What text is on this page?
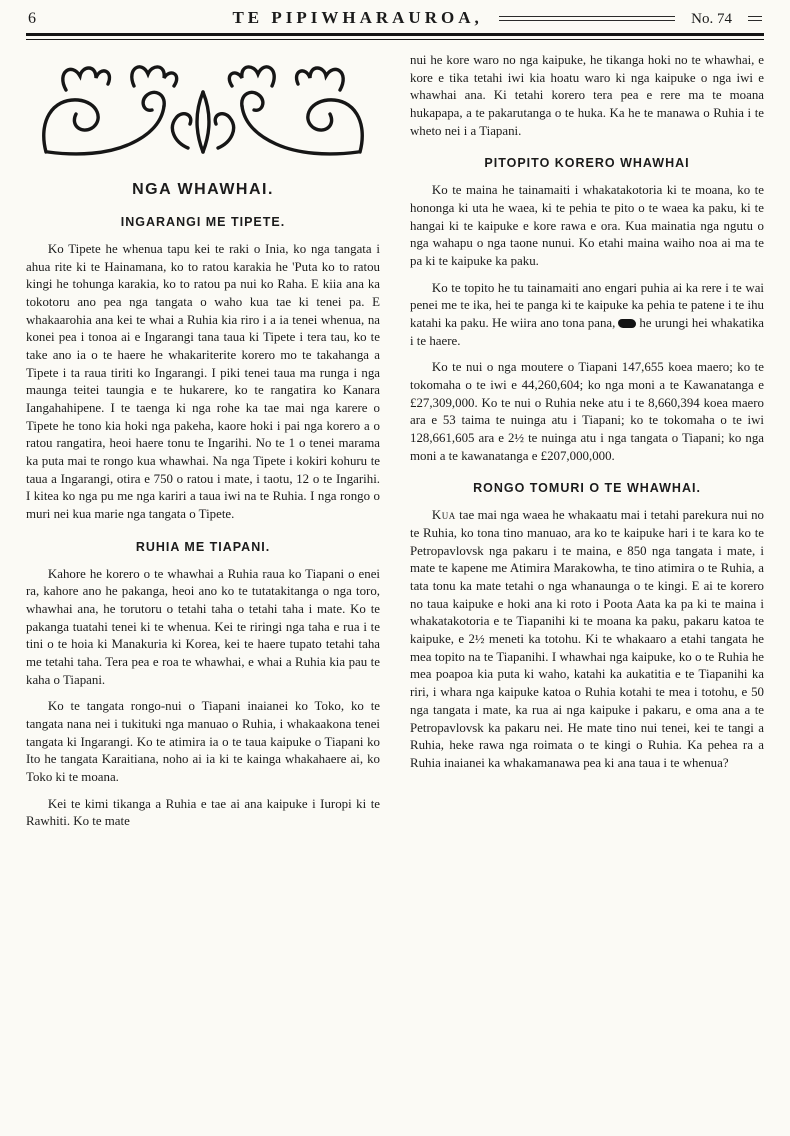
6	TE PIPIWHARAUROA,	No. 74
NGA WHAWHAI.
INGARANGI ME TIPETE.

Ko Tipete he whenua tapu kei te raki o Inia, ko nga tangata i ahua rite ki te Hainamana, ko to ratou karakia he 'Puta ko to ratou kingi he tohunga karakia, ko to ratou pa nui ko Raha. E kiia ana ka tokotoru ano pea nga tangata o waho kua tae ki tenei pa. E whakaarohia ana kei te whai a Ruhia kia riro i a ia tenei whenua, na konei pea i tonoa ai e Ingarangi tana taua ki Tipete i tera tau, ko te take ano ia o te haere he whakariterite korero mo te takahanga a Tipete i ta raua tiriti ko Ingarangi. I piki tenei taua ma runga i nga maunga teitei taungia e te hukarere, ko te rangatira ko Kanara Iangahahipene. I te taenga ki nga rohe ka tae mai nga karere o Tipete he tono kia hoki nga pakeha, kaore hoki i pai nga korero a o ratou rangatira, heoi haere tonu te Ingarihi. No te 1 o tenei marama ka puta mai te rongo kua whawhai. Na nga Tipete i kokiri kohuru te taua a Ingarangi, otira e 750 o ratou i mate, i taotu, 12 o te Ingarihi. I kitea ko nga pu me nga kariri a taua iwi na te Ruhia. I nga rongo o muri nei kua marie nga tangata o Tipete.

RUHIA ME TIAPANI.

Kahore he korero o te whawhai a Ruhia raua ko Tiapani o enei ra, kahore ano he pakanga, heoi ano ko te tutatakitanga o nga toro, whawhai ana, he torutoru o tetahi taha o tetahi taha i mate. Ko te pakanga tuatahi tenei ki te whenua. Kei te riringi nga taha e rua i te tini o te hoia ki Manakuria ki Korea, kei te haere tupato tetahi taha me tetahi taha. Tera pea e roa te whawhai, e whai a Ruhia kia pau te kaha o Tiapani.

Ko te tangata rongo-nui o Tiapani inaianei ko Toko, ko te tangata nana nei i tukituki nga manuao o Ruhia, i whakaakona tenei tangata ki Ingarangi. Ko te atimira ia o te taua kaipuke o Tiapani ko Ito he tangata Karaitiana, noho ai ia ki te kainga whakahaere ai, ko Toko ki te moana.

Kei te kimi tikanga a Ruhia e tae ai ana kaipuke i Iuropi ki te Rawhiti. Ko te mate

nui he kore waro no nga kaipuke, he tikanga hoki no te whawhai, e kore e tika tetahi iwi kia hoatu waro ki nga kaipuke o nga iwi e whawhai ana. Ki tetahi korero tera pea e rere ma te moana hukapapa, a te pakarutanga o te huka. Ka he te manawa o Ruhia i te wheto nei i a Tiapani.

PITOPITO KORERO WHAWHAI

Ko te maina he tainamaiti i whakatakotoria ki te moana, ko te hononga ki uta he waea, ki te pehia te pito o te waea ka paku, ki te hangai ki te kaipuke e kore rawa e ora. Kua mainatia nga ngutu o nga wahapu o nga taone nunui. Ko etahi maina waiho noa ai ma te pa ki te kaipuke ka paku.

Ko te topito he tu tainamaiti ano engari puhia ai ka rere i te wai penei me te ika, hei te panga ki te kaipuke ka pehia te patene i te ihu katahi ka paku. He wiira ano tona pana, he urungi hei whakatika i te haere.

Ko te nui o nga moutere o Tiapani 147,655 koea maero; ko te tokomaha o te iwi e 44,260,604; ko nga moni a te Kawanatanga e £27,309,000. Ko te nui o Ruhia neke atu i te 8,660,394 koea maero ara e 53 taima te nuinga atu i Tiapani; ko te tokomaha o te iwi 128,661,605 ara e 2½ te nuinga atu i nga tangata o Tiapani; ko nga moni a te kawanatanga e £207,000,000.

RONGO TOMURI O TE WHAWHAI.

Kua tae mai nga waea he whakaatu mai i tetahi parekura nui no te Ruhia, ko tona tino manuao, ara ko te kaipuke hari i te kara ko te Petropavlovsk nga pakaru i te maina, e 850 nga tangata i mate, i mate te kapene me Atimira Marakowha, te tino atimira o te Ruhia, a tata tonu ka mate tetahi o nga whanaunga o te kingi. E ai te korero no taua kaipuke e hoki ana ki roto i Poota Aata ka pa ki te maina i whakatakotoria e te Tiapanihi ki te moana ka paku, pakaru katoa te kaipuke, e 2½ meneti ka totohu. Ki te whakaaro a etahi tangata he mea topito na te Tiapanihi. I whawhai nga kaipuke, ko o te Ruhia he mea poapoa kia puta ki waho, katahi ka aukatitia e te Tiapanihi ka riri, i whara nga kaipuke katoa o Ruhia kotahi te mea i totohu, e 50 nga tangata i mate, ka rua ai nga kaipuke i pakaru, e oma ana a te Petropavlovsk ka pakaru nei. He mate tino nui tenei, kei te tangi a Ruhia, heke rawa nga roimata o te kingi o Ruhia. Ka pehea ra a Ruhia inaianei ka whakamanawa pea ki ana taua i te whenua?
